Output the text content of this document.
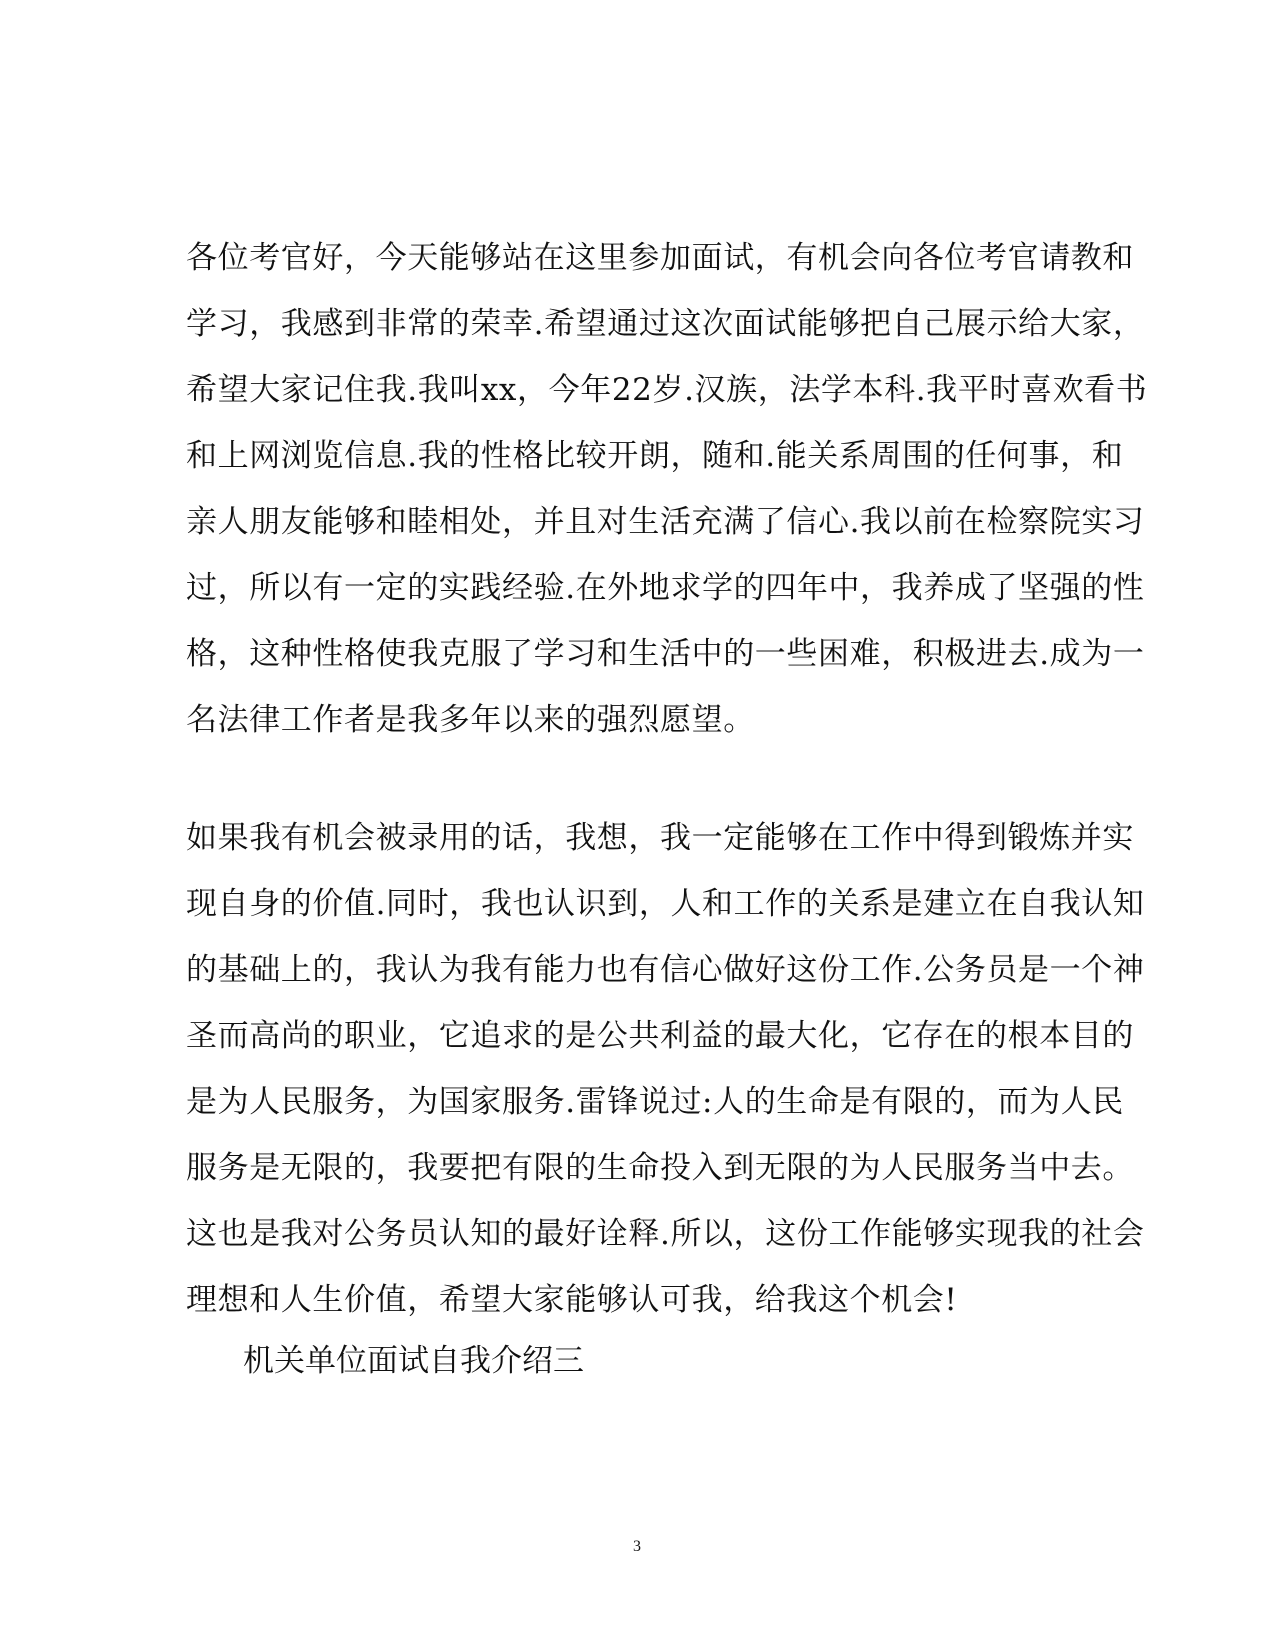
各位考官好，今天能够站在这里参加面试，有机会向各位考官请教和
学习，我感到非常的荣幸.希望通过这次面试能够把自己展示给大家，
希望大家记住我.我叫xx，今年22岁.汉族，法学本科.我平时喜欢看书
和上网浏览信息.我的性格比较开朗，随和.能关系周围的任何事，和
亲人朋友能够和睦相处，并且对生活充满了信心.我以前在检察院实习
过，所以有一定的实践经验.在外地求学的四年中，我养成了坚强的性
格，这种性格使我克服了学习和生活中的一些困难，积极进去.成为一
名法律工作者是我多年以来的强烈愿望。
如果我有机会被录用的话，我想，我一定能够在工作中得到锻炼并实
现自身的价值.同时，我也认识到，人和工作的关系是建立在自我认知
的基础上的，我认为我有能力也有信心做好这份工作.公务员是一个神
圣而高尚的职业，它追求的是公共利益的最大化，它存在的根本目的
是为人民服务，为国家服务.雷锋说过:人的生命是有限的，而为人民
服务是无限的，我要把有限的生命投入到无限的为人民服务当中去。
这也是我对公务员认知的最好诠释.所以，这份工作能够实现我的社会
理想和人生价值，希望大家能够认可我，给我这个机会!
机关单位面试自我介绍三
3
